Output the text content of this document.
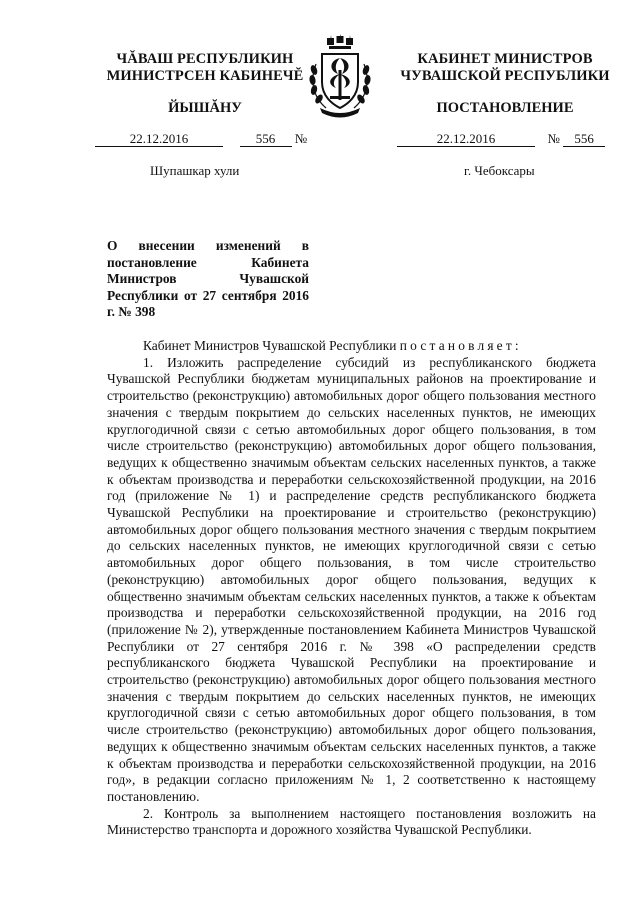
ЧĂВАШ РЕСПУБЛИКИН
МИНИСТРСЕН КАБИНЕЧĔ
ЙЫШĂНУ
КАБИНЕТ МИНИСТРОВ
ЧУВАШСКОЙ РЕСПУБЛИКИ
ПОСТАНОВЛЕНИЕ
22.12.2016	556 №	22.12.2016	№ 556
Шупашкар хули	г. Чебоксары
О внесении изменений в постановление Кабинета Министров Чувашской Республики от 27 сентября 2016 г. № 398

Кабинет Министров Чувашской Республики постановляет:

1. Изложить распределение субсидий из республиканского бюджета Чувашской Республики бюджетам муниципальных районов на проектирование и строительство (реконструкцию) автомобильных дорог общего пользования местного значения с твердым покрытием до сельских населенных пунктов, не имеющих круглогодичной связи с сетью автомобильных дорог общего пользования, в том числе строительство (реконструкцию) автомобильных дорог общего пользования, ведущих к общественно значимым объектам сельских населенных пунктов, а также к объектам производства и переработки сельскохозяйственной продукции, на 2016 год (приложение № 1) и распределение средств республиканского бюджета Чувашской Республики на проектирование и строительство (реконструкцию) автомобильных дорог общего пользования местного значения с твердым покрытием до сельских населенных пунктов, не имеющих круглогодичной связи с сетью автомобильных дорог общего пользования, в том числе строительство (реконструкцию) автомобильных дорог общего пользования, ведущих к общественно значимым объектам сельских населенных пунктов, а также к объектам производства и переработки сельскохозяйственной продукции, на 2016 год (приложение № 2), утвержденные постановлением Кабинета Министров Чувашской Республики от 27 сентября 2016 г. № 398 «О распределении средств республиканского бюджета Чувашской Республики на проектирование и строительство (реконструкцию) автомобильных дорог общего пользования местного значения с твердым покрытием до сельских населенных пунктов, не имеющих круглогодичной связи с сетью автомобильных дорог общего пользования, в том числе строительство (реконструкцию) автомобильных дорог общего пользования, ведущих к общественно значимым объектам сельских населенных пунктов, а также к объектам производства и переработки сельскохозяйственной продукции, на 2016 год», в редакции согласно приложениям № 1, 2 соответственно к настоящему постановлению.

2. Контроль за выполнением настоящего постановления возложить на Министерство транспорта и дорожного хозяйства Чувашской Республики.
